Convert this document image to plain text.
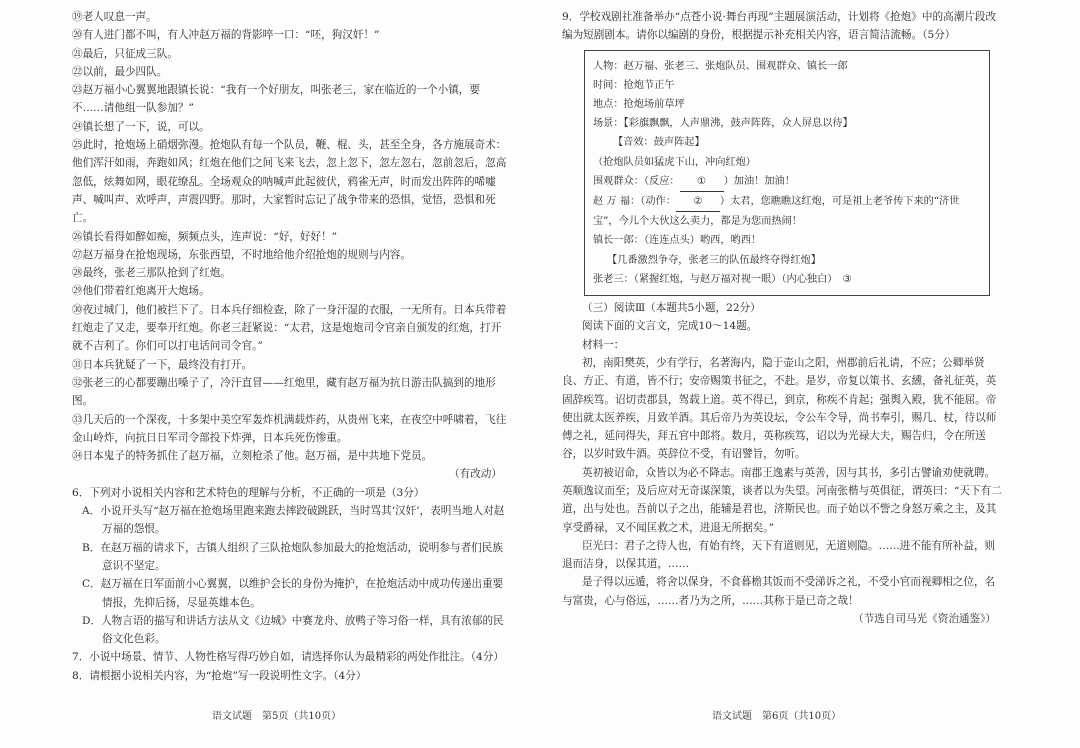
⑲老人叹息一声。

⑳有人进门都不叫，有人冲赵万福的背影啐一口：“呸，狗汉奸！”

㉑最后，只征成三队。

㉒以前，最少四队。

㉓赵万福小心翼翼地跟镇长说：“我有一个好朋友，叫张老三，家在临近的一个小镇，要不……请他组一队参加？”

㉔镇长想了一下，说，可以。

㉕此时，抢炮场上硝烟弥漫。抢炮队有每一个队员，鞭、棍、头，甚至全身，各方施展奇术：他们浑汗如雨，奔跑如风；红炮在他们之间飞来飞去，忽上忽下，忽左忽右，忽前忽后，忽高忽低，炫舞如网，眼花缭乱。全场观众的呐喊声此起彼伏，鸦雀无声，时而发出阵阵的唏嘘声、喊叫声、欢呼声，声震四野。那时，大家暂时忘记了战争带来的恐惧，觉悟，恐惧和死亡。

㉖镇长看得如醉如痴，频频点头，连声说：“好，好好！”

㉗赵万福身在抢炮现场，东张西望，不时地给他介绍抢炮的规则与内容。

㉘最终，张老三那队抢到了红炮。

㉙他们带着红炮离开大炮场。

㉚夜过城门，他们被拦下了。日本兵仔细检查，除了一身汗湿的衣服，一无所有。日本兵带着红炮走了又走，要奉开红炮。你老三赶紧说：“太君，这是炮炮司令官亲自颁发的红炮，打开就不吉利了。你们可以打电话问司令官。”

㉛日本兵犹疑了一下，最终没有打开。

㉜张老三的心都要蹦出嗓子了，冷汗直冒——红炮里，藏有赵万福为抗日游击队搞到的地形图。

㉝几天后的一个深夜，十多架中美空军轰炸机满载炸药，从贵州飞来，在夜空中呼啸着，飞往金山岭炸，向抗日日军司令部投下炸弹，日本兵死伤惨重。

㉞日本鬼子的特务抓住了赵万福，立刻枪杀了他。赵万福，是中共地下党员。

（有改动）

6．下列对小说相关内容和艺术特色的理解与分析，不正确的一项是（3分）

A．小说开头写“赵万福在抢炮场里跑来跑去摔跤破跳跃，当时骂其‘汉奸’，表明当地人对赵万福的怨恨。

B．在赵万福的请求下，古镇人组织了三队抢炮队参加最大的抢炮活动，说明参与者们民族意识不坚定。

C．赵万福在日军面前小心翼翼，以维护会长的身份为掩护，在抢炮活动中成功传递出重要情报，先抑后扬，尽显英雄本色。

D．人物言语的描写和讲话方法从文《边城》中赛龙舟、放鸭子等习俗一样，具有浓郁的民俗文化色彩。

7．小说中场景、情节、人物性格写得巧妙自如，请选择你认为最精彩的两处作批注。（4分）

8．请根据小说相关内容，为“抢炮”写一段说明性文字。（4分）

语文试题　第5页（共10页）

9．学校戏剧社准备举办“点苍小说·舞台再现”主题展演活动，计划将《抢炮》中的高潮片段改编为短剧剧本。请你以编剧的身份，根据提示补充相关内容，语言简洁流畅。（5分）

人物：赵万福、张老三、张炮队员、围观群众、镇长一郎

时间：抢炮节正午

地点：抢炮场前草坪

场景：【彩旗飘飘，人声鼎沸，鼓声阵阵，众人屏息以待】

【音效：鼓声阵起】

（抢炮队员如猛虎下山，冲向红炮）

围观群众：（反应： ① ）加油！加油！

赵 万 福：（动作： ② ）太君，您瞧瞧这红炮，可是祖上老爷传下来的“济世宝”，今儿个大伙这么卖力，都是为您而热闹！

镇长一郎：（连连点头）哟西，哟西！

【几番激烈争夺，张老三的队伍最终夺得红炮】

张老三：（紧握红炮，与赵万福对视一眼）（内心独白）　 ③

（三）阅读Ⅲ（本题共5小题，22分）

阅读下面的文言文，完成10～14题。

材料一：

初，南阳樊英，少有学行，名著海内，隐于壶山之阳，州郡前后礼请，不应；公卿举贤良、方正、有道，皆不行；安帝赐策书征之，不赴。是岁，帝复以策书、玄纁，备礼征英，英固辞疾笃。诏切责郡县，驾载上道。英不得已，到京，称疾不肯起；强舆入殿，犹不能屈。帝使出就太医养疾，月致羊酒。其后帝乃为英设坛，令公车令导，尚书奉引，赐几、杖，待以师傅之礼，延问得失，拜五官中郎将。数月，英称疾笃，诏以为光禄大夫，赐告归，令在所送谷，以岁时致牛酒。英辞位不受，有诏譬旨，勿听。

英初被诏命，众皆以为必不降志。南郡王逸素与英善，因与其书，多引古譬谕劝使就聘。英顺逸议而至；及后应对无奇谋深策，谈者以为失望。河南张楷与英俱征，谓英曰：“天下有二道，出与处也。吾前以子之出，能辅是君也，济斯民也。而子始以不訾之身怒万乘之主，及其享受爵禄，又不闻匡救之术，进退无所据矣。”

臣光曰：君子之待人也，有始有终，天下有道则见，无道则隐。……进不能有所补益，则退而洁身，以保其道，……

是子得以远遁，将舍以保身，不食暮檐其饭而不受涕诉之礼，不受小官而视卿相之位，名与富贵，心与俗远，……者乃为之所，……其称于是已奇之哉！

（节选自司马光《资治通鉴》）

语文试题　第6页（共10页）
